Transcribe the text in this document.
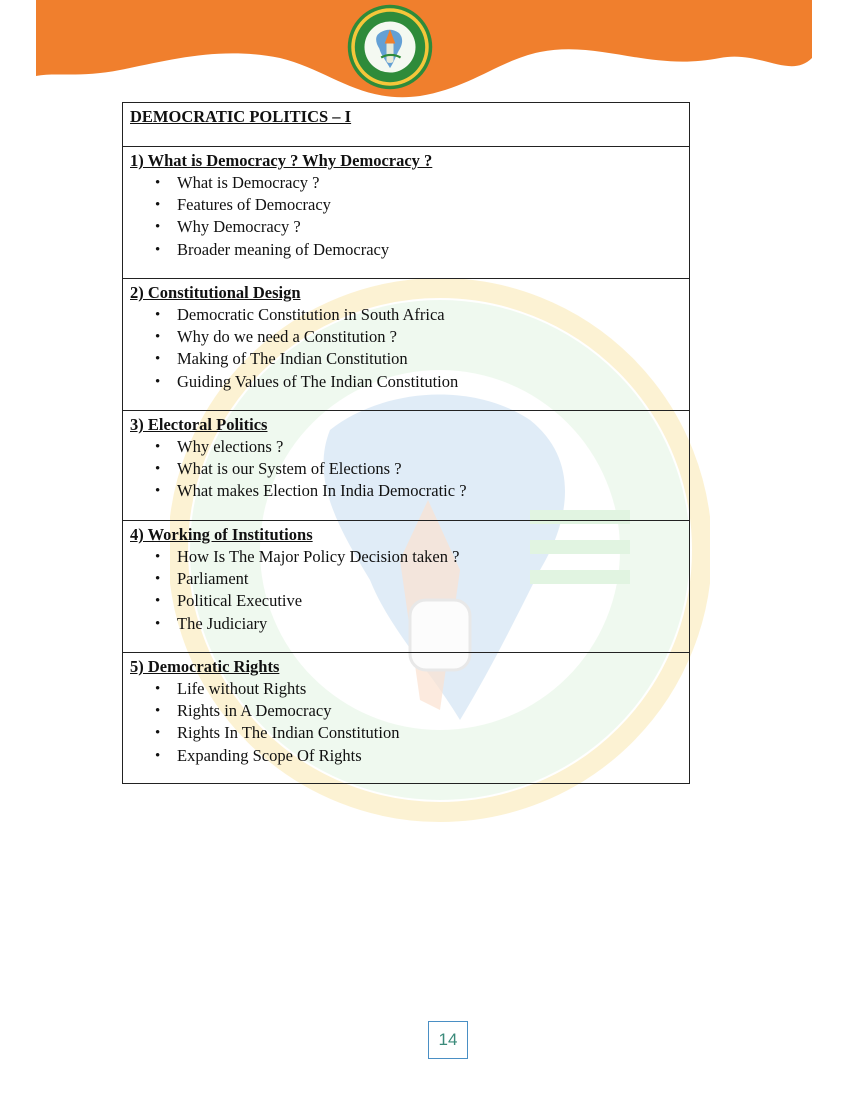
DEMOCRATIC POLITICS – I
1) What is Democracy ? Why Democracy ?
• What is Democracy ?
• Features of Democracy
• Why Democracy ?
• Broader meaning of Democracy
2) Constitutional Design
• Democratic Constitution in South Africa
• Why do we need a Constitution ?
• Making of The Indian Constitution
• Guiding Values of The Indian Constitution
3) Electoral Politics
• Why elections ?
• What is our System of Elections ?
• What makes Election In India Democratic ?
4) Working of Institutions
• How Is The Major Policy Decision taken ?
• Parliament
• Political Executive
• The Judiciary
5) Democratic Rights
• Life without Rights
• Rights in A Democracy
• Rights In The Indian Constitution
• Expanding Scope Of Rights
14
